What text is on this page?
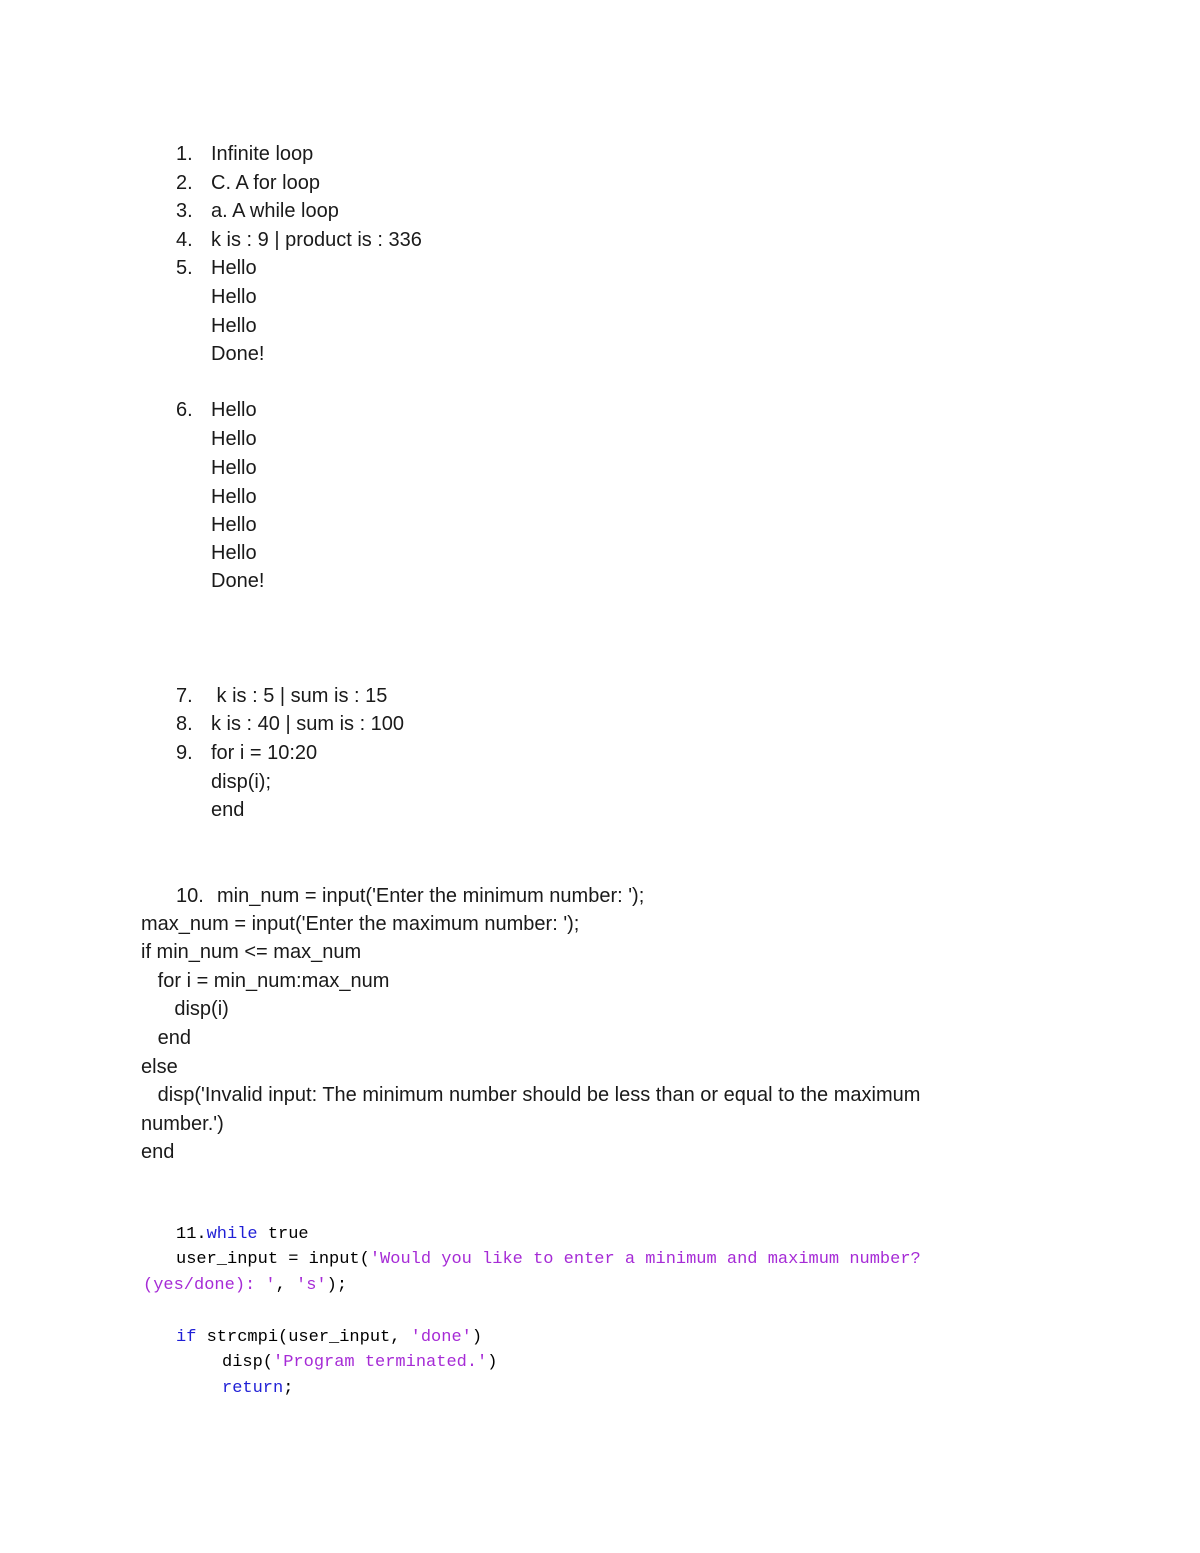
1. Infinite loop
2. C. A for loop
3. a. A while loop
4. k is : 9 | product is : 336
5. Hello
Hello
Hello
Done!
6. Hello
Hello
Hello
Hello
Hello
Hello
Done!
7. k is : 5 | sum is : 15
8. k is : 40 | sum is : 100
9. for i = 10:20
disp(i);
end
10. min_num = input('Enter the minimum number: ');
max_num = input('Enter the maximum number: ');
if min_num <= max_num
for i = min_num:max_num
disp(i)
end
else
disp('Invalid input: The minimum number should be less than or equal to the maximum
number.')
end
11.while true
user_input = input('Would you like to enter a minimum and maximum number?
(yes/done): ', 's');
if strcmpi(user_input, 'done')
disp('Program terminated.')
return;
